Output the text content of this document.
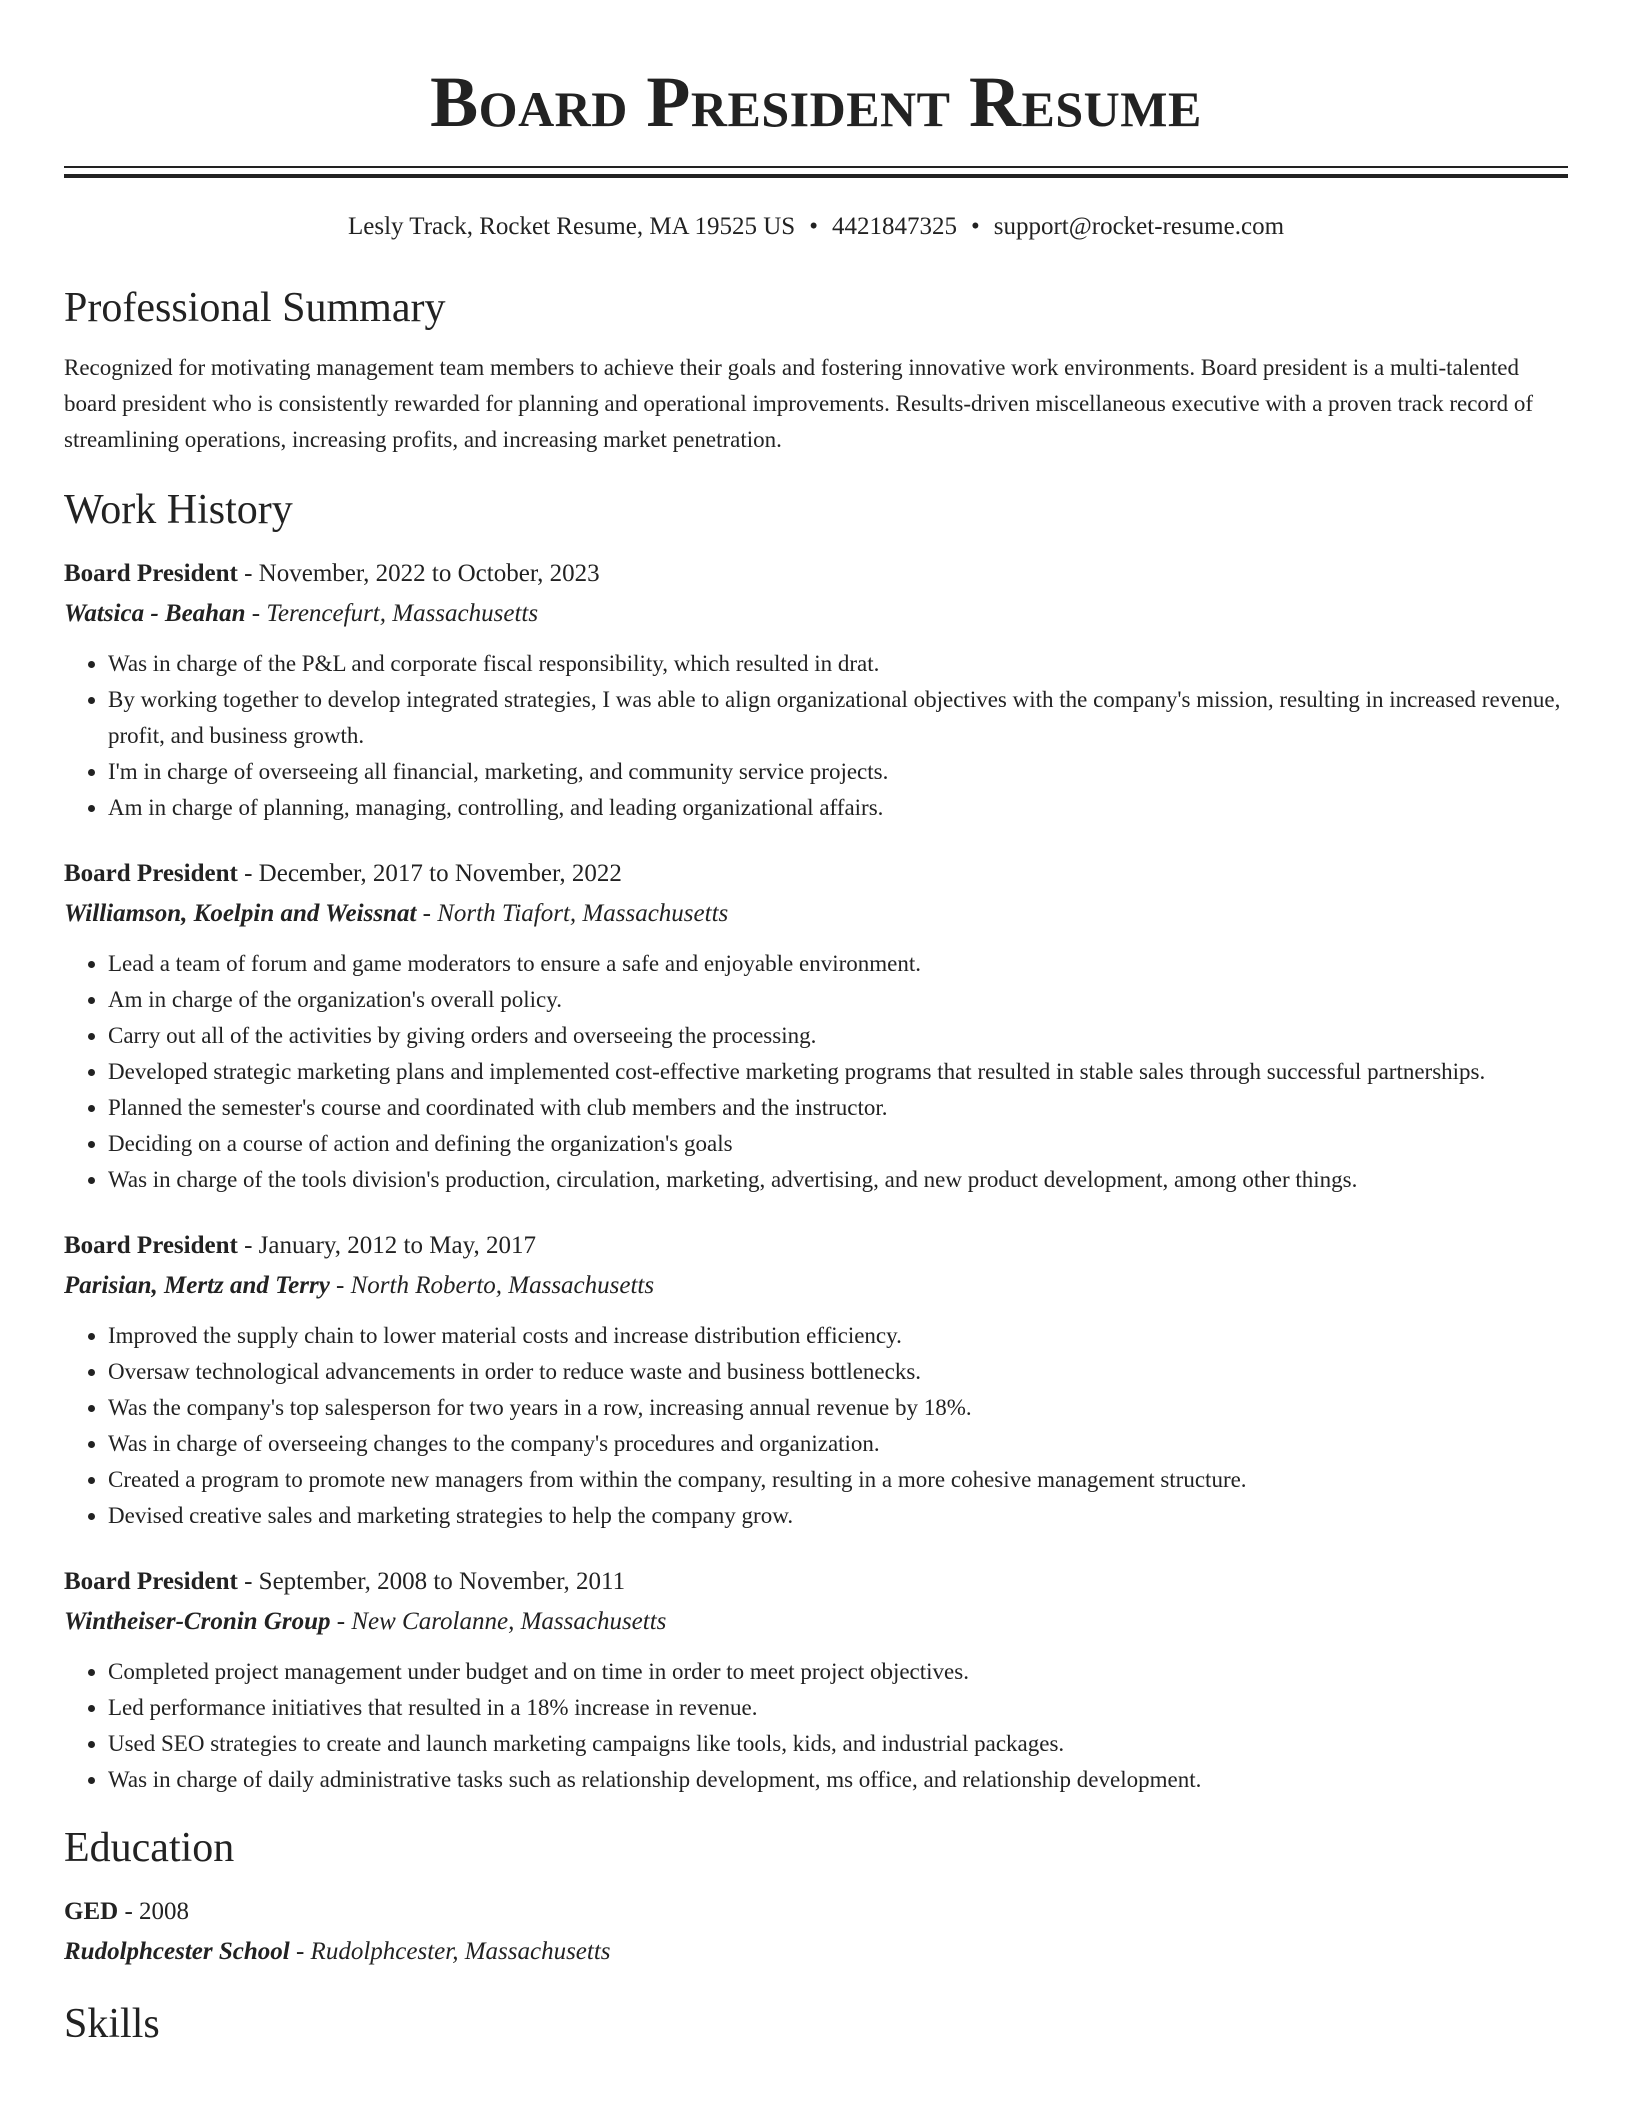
Board President Resume
Lesly Track, Rocket Resume, MA 19525 US • 4421847325 • support@rocket-resume.com
Professional Summary

Recognized for motivating management team members to achieve their goals and fostering innovative work environments. Board president is a multi-talented board president who is consistently rewarded for planning and operational improvements. Results-driven miscellaneous executive with a proven track record of streamlining operations, increasing profits, and increasing market penetration.

Work History
Board President - November, 2022 to October, 2023
Watsica - Beahan - Terencefurt, Massachusetts
• Was in charge of the P&L and corporate fiscal responsibility, which resulted in drat.
• By working together to develop integrated strategies, I was able to align organizational objectives with the company's mission, resulting in increased revenue, profit, and business growth.
• I'm in charge of overseeing all financial, marketing, and community service projects.
• Am in charge of planning, managing, controlling, and leading organizational affairs.
Board President - December, 2017 to November, 2022
Williamson, Koelpin and Weissnat - North Tiafort, Massachusetts
• Lead a team of forum and game moderators to ensure a safe and enjoyable environment.
• Am in charge of the organization's overall policy.
• Carry out all of the activities by giving orders and overseeing the processing.
• Developed strategic marketing plans and implemented cost-effective marketing programs that resulted in stable sales through successful partnerships.
• Planned the semester's course and coordinated with club members and the instructor.
• Deciding on a course of action and defining the organization's goals
• Was in charge of the tools division's production, circulation, marketing, advertising, and new product development, among other things.
Board President - January, 2012 to May, 2017
Parisian, Mertz and Terry - North Roberto, Massachusetts
• Improved the supply chain to lower material costs and increase distribution efficiency.
• Oversaw technological advancements in order to reduce waste and business bottlenecks.
• Was the company's top salesperson for two years in a row, increasing annual revenue by 18%.
• Was in charge of overseeing changes to the company's procedures and organization.
• Created a program to promote new managers from within the company, resulting in a more cohesive management structure.
• Devised creative sales and marketing strategies to help the company grow.
Board President - September, 2008 to November, 2011
Wintheiser-Cronin Group - New Carolanne, Massachusetts
• Completed project management under budget and on time in order to meet project objectives.
• Led performance initiatives that resulted in a 18% increase in revenue.
• Used SEO strategies to create and launch marketing campaigns like tools, kids, and industrial packages.
• Was in charge of daily administrative tasks such as relationship development, ms office, and relationship development.
Education
GED - 2008
Rudolphcester School - Rudolphcester, Massachusetts
Skills
